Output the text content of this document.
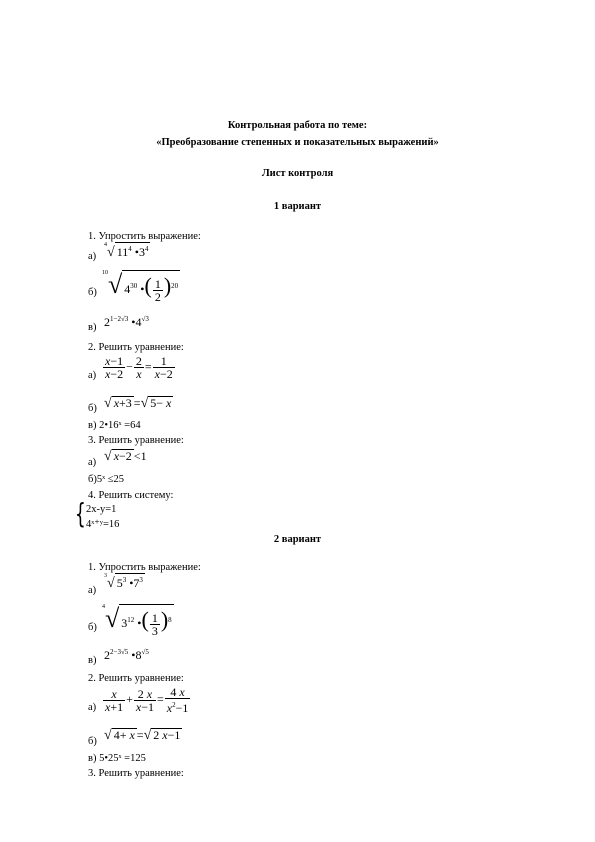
Контрольная работа по теме:
«Преобразование степенных и показательных выражений»
Лист контроля
1 вариант
1. Упростить выражение:
а)
$^4$√ $11^4$ $•3^4$
б)
$^{10}$√ $4^{30}$ •( $\frac{1}{2} )^{20}$
в) $2^{1-2√3}$ $•4^{√3}$
2. Решить уравнение:
$а) \frac{x-1}{x-2} - \frac{2}{x} = \frac{1}{x-2}$
б) √ x+3 =√ 5− x
в) 2•16ˣ =64
3. Решить уравнение:
а) √ x−2 <1
б)5ˣ ≤25
4. Решить систему:
{ 2x-y=1
4ˣ⁺ʸ=16
2 вариант
1. Упростить выражение:
а)
$^3$√ $5^3$ $•7^3$
б)
$^4$√ $3^{12}$ •( $\frac{1}{3} )^8$
в) $2^{2-3√5}$ $•8^{√5}$
2. Решить уравнение:
$а) \frac{x}{x+1} + \frac{2 x}{x-1} = \frac{4 x}{x^2-1}$
б) √ 4+ x =√ 2 x−1
в) 5•25ˣ =125
3. Решить уравнение:
